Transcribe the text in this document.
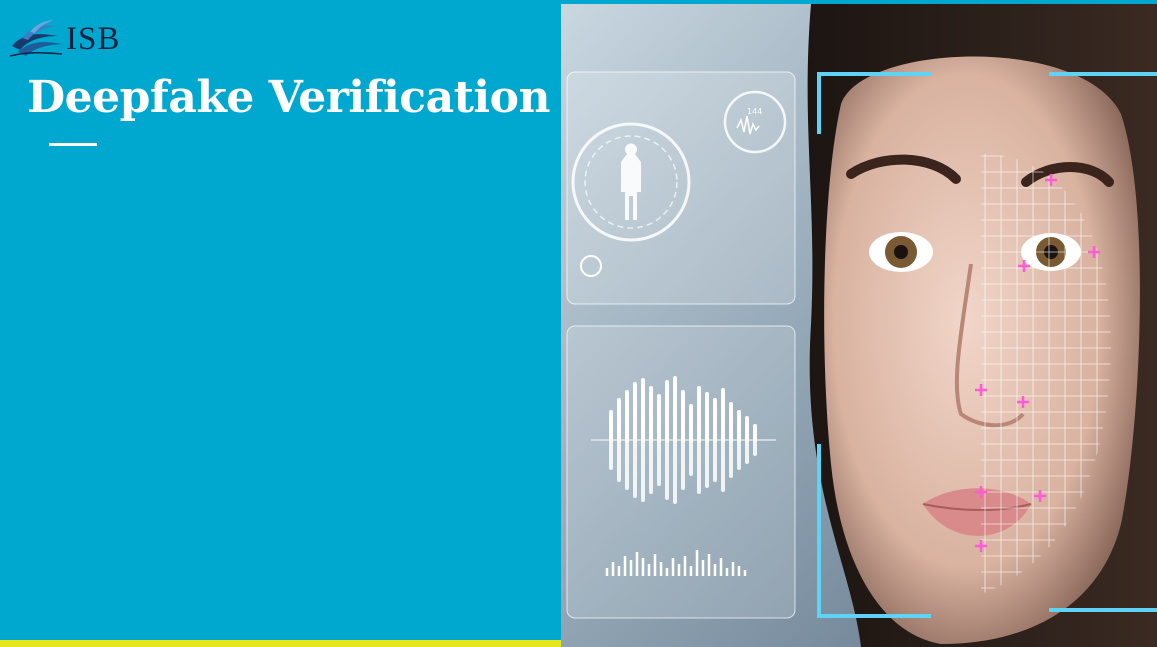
ISB
Deepfake Verification	144
